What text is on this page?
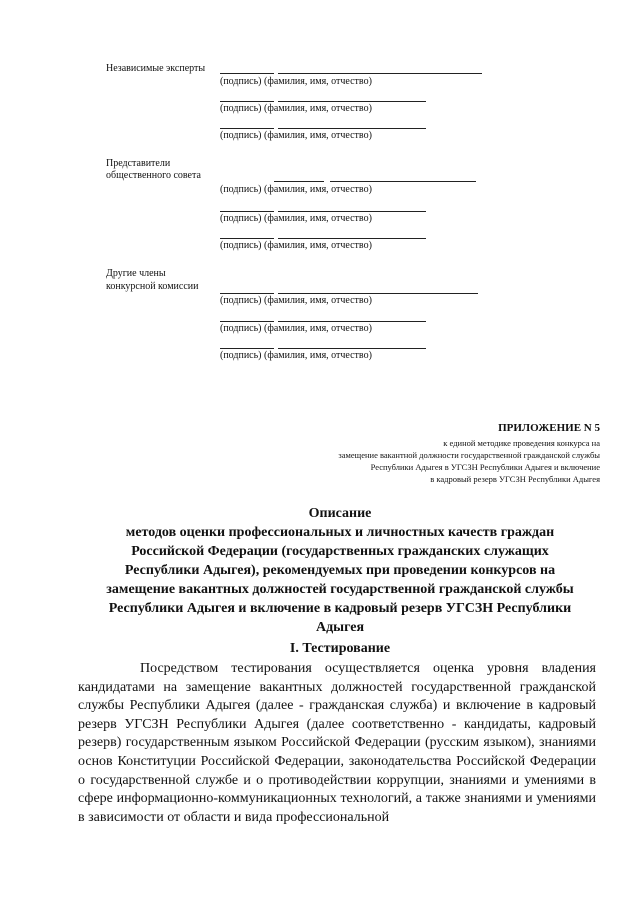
Независимые эксперты
(подпись) (фамилия, имя, отчество)
(подпись) (фамилия, имя, отчество)
(подпись) (фамилия, имя, отчество)
Представители
общественного совета
(подпись) (фамилия, имя, отчество)
(подпись) (фамилия, имя, отчество)
(подпись) (фамилия, имя, отчество)
Другие члены
конкурсной комиссии
(подпись) (фамилия, имя, отчество)
(подпись) (фамилия, имя, отчество)
(подпись) (фамилия, имя, отчество)
ПРИЛОЖЕНИЕ N 5
к единой методике проведения конкурса на
замещение вакантной должности государственной гражданской службы
Республики Адыгея в УГСЗН Республики Адыгея и включение
в кадровый резерв УГСЗН Республики Адыгея
Описание
методов оценки профессиональных и личностных качеств граждан
Российской Федерации (государственных гражданских служащих
Республики Адыгея), рекомендуемых при проведении конкурсов на
замещение вакантных должностей государственной гражданской службы
Республики Адыгея и включение в кадровый резерв УГСЗН Республики
Адыгея
I. Тестирование

Посредством тестирования осуществляется оценка уровня владения кандидатами на замещение вакантных должностей государственной гражданской службы Республики Адыгея (далее - гражданская служба) и включение в кадровый резерв УГСЗН Республики Адыгея (далее соответственно - кандидаты, кадровый резерв) государственным языком Российской Федерации (русским языком), знаниями основ Конституции Российской Федерации, законодательства Российской Федерации о государственной службе и о противодействии коррупции, знаниями и умениями в сфере информационно-коммуникационных технологий, а также знаниями и умениями в зависимости от области и вида профессиональной
